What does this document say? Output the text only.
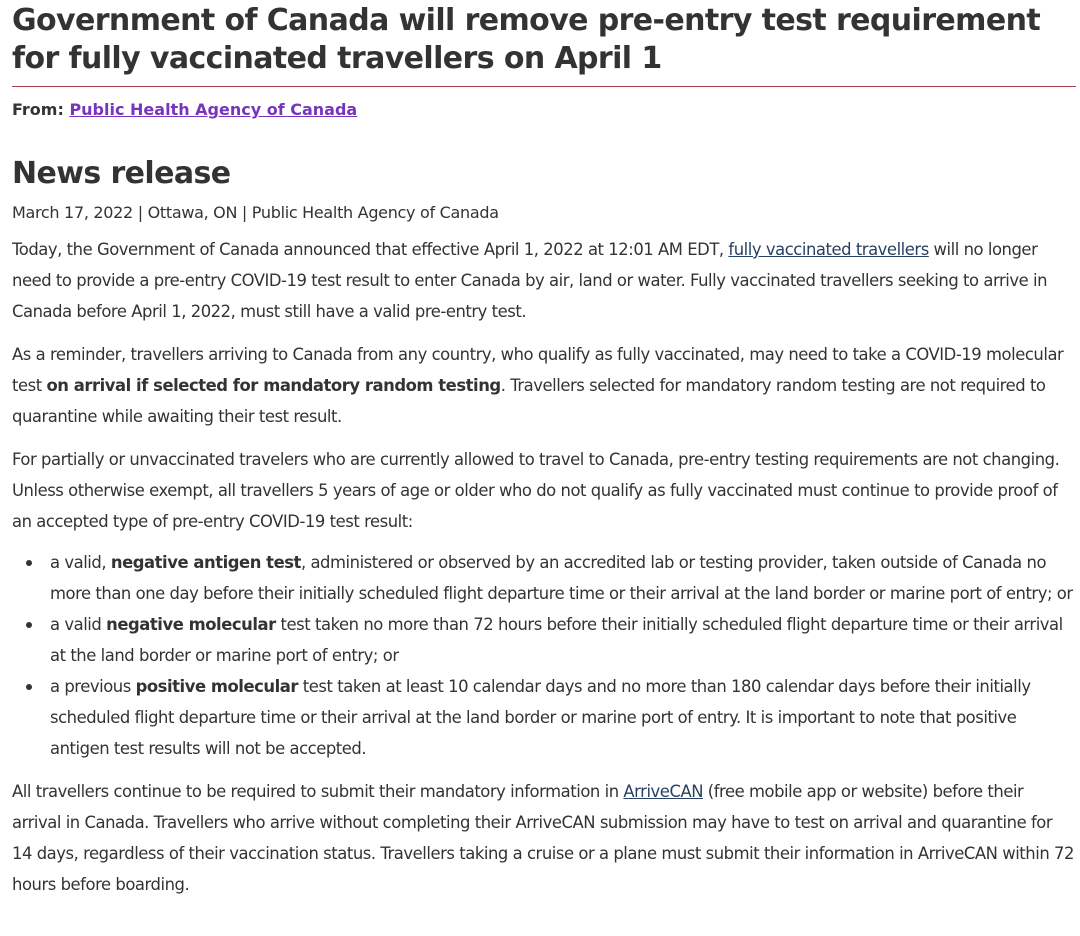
Government of Canada will remove pre-entry test requirement for fully vaccinated travellers on April 1
From: Public Health Agency of Canada
News release
March 17, 2022 | Ottawa, ON | Public Health Agency of Canada

Today, the Government of Canada announced that effective April 1, 2022 at 12:01 AM EDT, fully vaccinated travellers will no longer need to provide a pre-entry COVID-19 test result to enter Canada by air, land or water. Fully vaccinated travellers seeking to arrive in Canada before April 1, 2022, must still have a valid pre-entry test.

As a reminder, travellers arriving to Canada from any country, who qualify as fully vaccinated, may need to take a COVID-19 molecular test on arrival if selected for mandatory random testing. Travellers selected for mandatory random testing are not required to quarantine while awaiting their test result.

For partially or unvaccinated travelers who are currently allowed to travel to Canada, pre-entry testing requirements are not changing. Unless otherwise exempt, all travellers 5 years of age or older who do not qualify as fully vaccinated must continue to provide proof of an accepted type of pre-entry COVID-19 test result:

a valid, negative antigen test, administered or observed by an accredited lab or testing provider, taken outside of Canada no more than one day before their initially scheduled flight departure time or their arrival at the land border or marine port of entry; or
a valid negative molecular test taken no more than 72 hours before their initially scheduled flight departure time or their arrival at the land border or marine port of entry; or
a previous positive molecular test taken at least 10 calendar days and no more than 180 calendar days before their initially scheduled flight departure time or their arrival at the land border or marine port of entry. It is important to note that positive antigen test results will not be accepted.

All travellers continue to be required to submit their mandatory information in ArriveCAN (free mobile app or website) before their arrival in Canada. Travellers who arrive without completing their ArriveCAN submission may have to test on arrival and quarantine for 14 days, regardless of their vaccination status. Travellers taking a cruise or a plane must submit their information in ArriveCAN within 72 hours before boarding.
